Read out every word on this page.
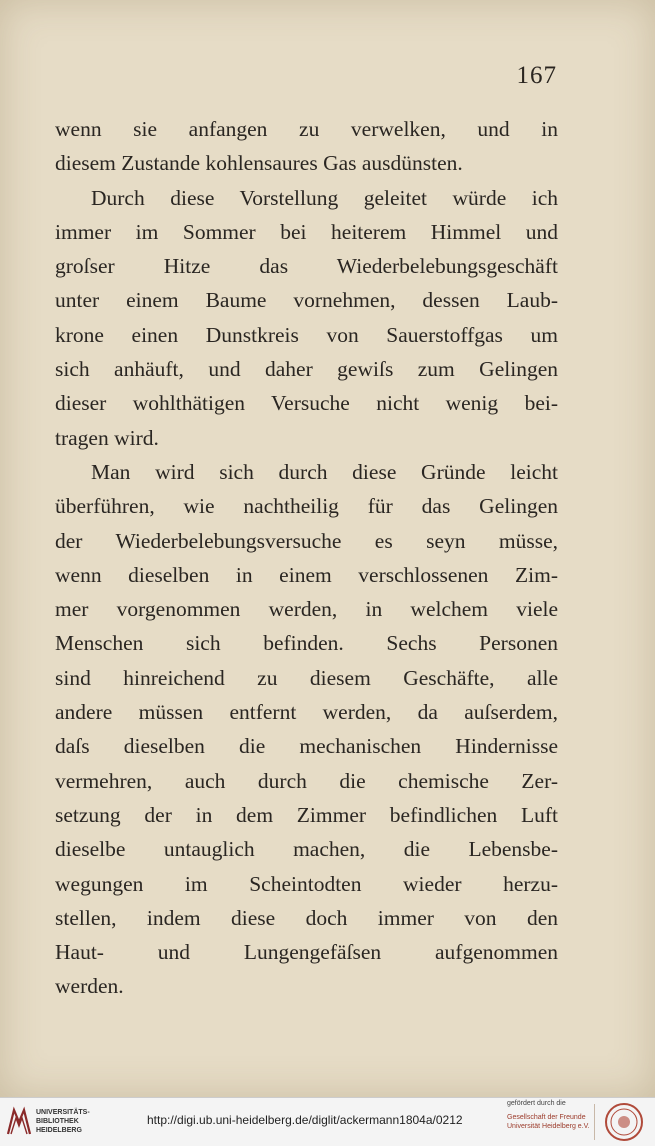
167
wenn sie anfangen zu verwelken, und in
diesem Zustande kohlensaures Gas ausdünsten.
Durch diese Vorstellung geleitet würde ich
immer im Sommer bei heiterem Himmel und
groſser Hitze das Wiederbelebungsgeschäft
unter einem Baume vornehmen, dessen Laub-
krone einen Dunstkreis von Sauerstoffgas um
sich anhäuft, und daher gewiſs zum Gelingen
dieser wohlthätigen Versuche nicht wenig bei-
tragen wird.
Man wird sich durch diese Gründe leicht
überführen, wie nachtheilig für das Gelingen
der Wiederbelebungsversuche es seyn müsse,
wenn dieselben in einem verschlossenen Zim-
mer vorgenommen werden, in welchem viele
Menschen sich befinden. Sechs Personen
sind hinreichend zu diesem Geschäfte, alle
andere müssen entfernt werden, da auſserdem,
daſs dieselben die mechanischen Hindernisse
vermehren, auch durch die chemische Zer-
setzung der in dem Zimmer befindlichen Luft
dieselbe untauglich machen, die Lebensbe-
wegungen im Scheintodten wieder herzu-
stellen, indem diese doch immer von den
Haut- und Lungengefäſsen aufgenommen
werden.
UNIVERSITÄTS-
BIBLIOTHEK
HEIDELBERG
http://digi.ub.uni-heidelberg.de/diglit/ackermann1804a/0212
gefördert durch die
Gesellschaft der Freunde
Universität Heidelberg e.V.
